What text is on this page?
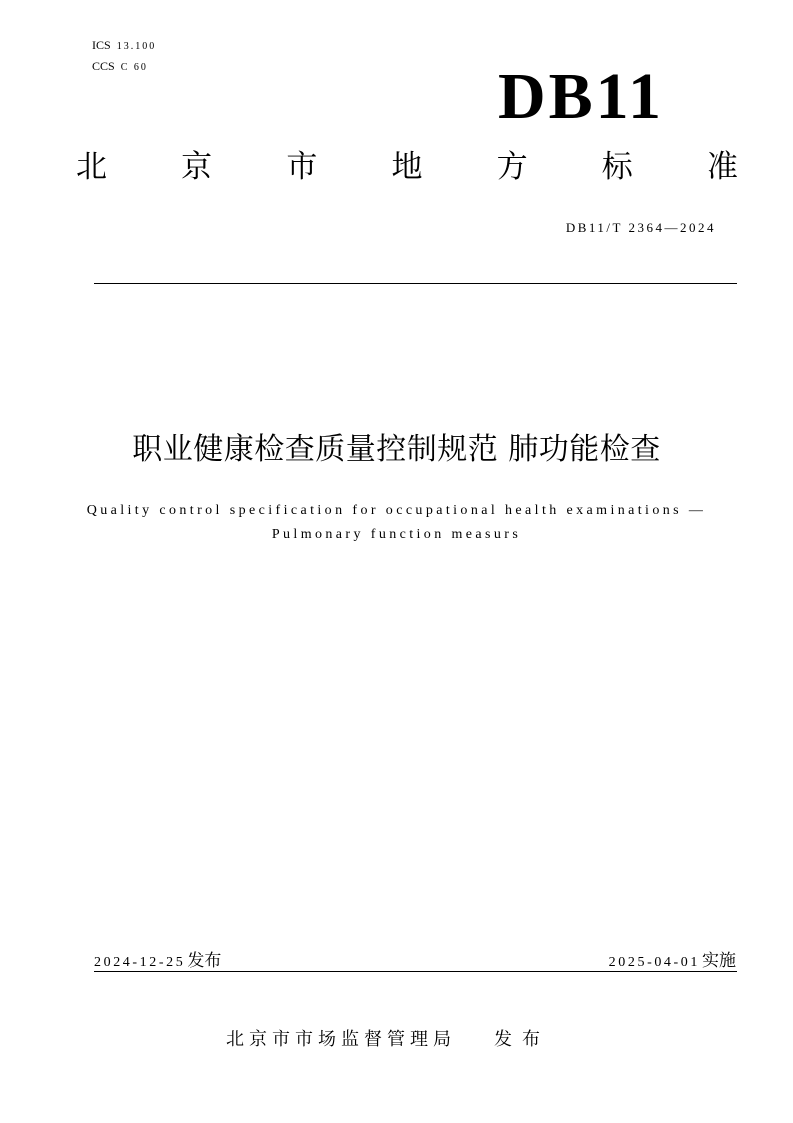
ICS 13.100
CCS C 60	DB11
北 京 市 地 方 标 准
DB11/T 2364—2024
职业健康检查质量控制规范 肺功能检查
Quality control specification for occupational health examinations —
Pulmonary function measurs
2024-12-25 发布	2025-04-01 实施
北京市市场监督管理局 发布
